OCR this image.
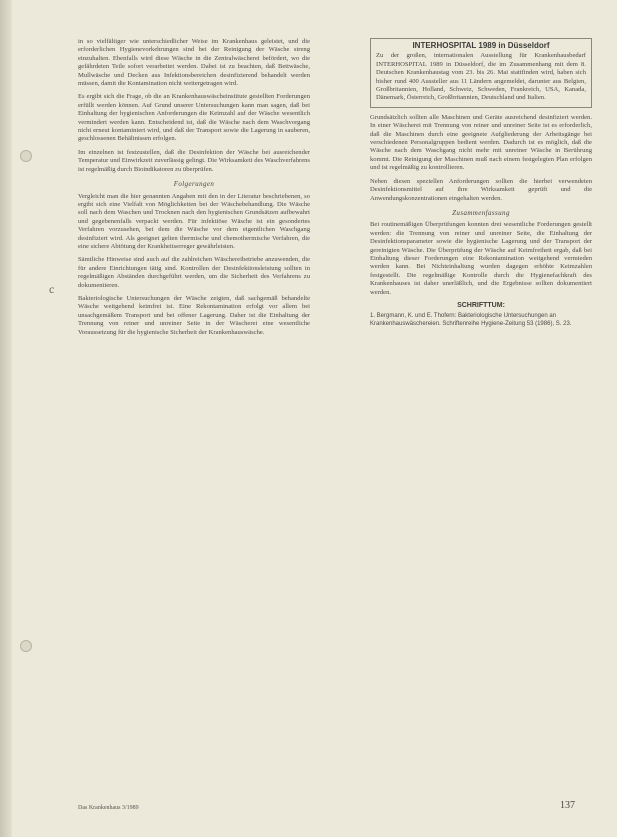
c

in so vielfältiger wie unterschiedlicher Weise im Krankenhaus geleistet, und die erforderlichen Hygienevorkehrungen sind bei der Reinigung der Wäsche streng einzuhalten. Ebenfalls wird diese Wäsche in die Zentralwäscherei befördert, wo die gefährdeten Teile sofort verarbeitet werden. Dabei ist zu beachten, daß Bettwäsche, Mullwäsche und Decken aus Infektionsbereichen desinfizierend behandelt werden müssen, damit die Kontamination nicht weitergetragen wird.

Es ergibt sich die Frage, ob die an Krankenhauswäscheinstitute gestellten Forderungen erfüllt werden können. Auf Grund unserer Untersuchungen kann man sagen, daß bei Einhaltung der hygienischen Anforderungen die Keimzahl auf der Wäsche wesentlich vermindert werden kann. Entscheidend ist, daß die Wäsche nach dem Waschvorgang nicht erneut kontaminiert wird, und daß der Transport sowie die Lagerung in sauberen, geschlossenen Behältnissen erfolgen.

Im einzelnen ist festzustellen, daß die Desinfektion der Wäsche bei ausreichender Temperatur und Einwirkzeit zuverlässig gelingt. Die Wirksamkeit des Waschverfahrens ist regelmäßig durch Bioindikatoren zu überprüfen.

Folgerungen

Vergleicht man die hier genannten Angaben mit den in der Literatur beschriebenen, so ergibt sich eine Vielfalt von Möglichkeiten bei der Wäschebehandlung. Die Wäsche soll nach dem Waschen und Trocknen nach den hygienischen Grundsätzen aufbewahrt und gegebenenfalls verpackt werden. Für infektiöse Wäsche ist ein gesondertes Verfahren vorzusehen, bei dem die Wäsche vor dem eigentlichen Waschgang desinfiziert wird. Als geeignet gelten thermische und chemothermische Verfahren, die eine sichere Abtötung der Krankheitserreger gewährleisten.

Sämtliche Hinweise sind auch auf die zahlreichen Wäschereibetriebe anzuwenden, die für andere Einrichtungen tätig sind. Kontrollen der Desinfektionsleistung sollten in regelmäßigen Abständen durchgeführt werden, um die Sicherheit des Verfahrens zu dokumentieren.

Bakteriologische Untersuchungen der Wäsche zeigten, daß sachgemäß behandelte Wäsche weitgehend keimfrei ist. Eine Rekontamination erfolgt vor allem bei unsachgemäßem Transport und bei offener Lagerung. Daher ist die Einhaltung der Trennung von reiner und unreiner Seite in der Wäscherei eine wesentliche Voraussetzung für die hygienische Sicherheit der Krankenhauswäsche.

INTERHOSPITAL 1989 in Düsseldorf

Zu der großen, internationalen Ausstellung für Krankenhausbedarf INTERHOSPITAL 1989 in Düsseldorf, die im Zusammenhang mit dem 8. Deutschen Krankenhaustag vom 23. bis 26. Mai stattfinden wird, haben sich bisher rund 400 Aussteller aus 11 Ländern angemeldet, darunter aus Belgien, Großbritannien, Holland, Schweiz, Schweden, Frankreich, USA, Kanada, Dänemark, Österreich, Großbritannien, Deutschland und Italien.

Grundsätzlich sollten alle Maschinen und Geräte ausreichend desinfiziert werden. In einer Wäscherei mit Trennung von reiner und unreiner Seite ist es erforderlich, daß die Maschinen durch eine geeignete Aufgliederung der Arbeitsgänge bei verschiedenen Personalgruppen bedient werden. Dadurch ist es möglich, daß die Wäsche nach dem Waschgang nicht mehr mit unreiner Wäsche in Berührung kommt. Die Reinigung der Maschinen muß nach einem festgelegten Plan erfolgen und ist regelmäßig zu kontrollieren.

Neben diesen speziellen Anforderungen sollten die hierbei verwendeten Desinfektionsmittel auf ihre Wirksamkeit geprüft und die Anwendungskonzentrationen eingehalten werden.

Zusammenfassung

Bei routinemäßigen Überprüfungen konnten drei wesentliche Forderungen gestellt werden: die Trennung von reiner und unreiner Seite, die Einhaltung der Desinfektionsparameter sowie die hygienische Lagerung und der Transport der gereinigten Wäsche. Die Überprüfung der Wäsche auf Keimfreiheit ergab, daß bei Einhaltung dieser Forderungen eine Rekontamination weitgehend vermieden werden kann. Bei Nichteinhaltung wurden dagegen erhöhte Keimzahlen festgestellt. Die regelmäßige Kontrolle durch die Hygienefachkraft des Krankenhauses ist daher unerläßlich, und die Ergebnisse sollten dokumentiert werden.

SCHRIFTTUM:

1. Bergmann, K. und E. Thofern: Bakteriologische Untersuchungen an Krankenhauswäschereien. Schriftenreihe Hygiene-Zeitung 53 (1986), S. 23.

Das Krankenhaus 3/1989	137
